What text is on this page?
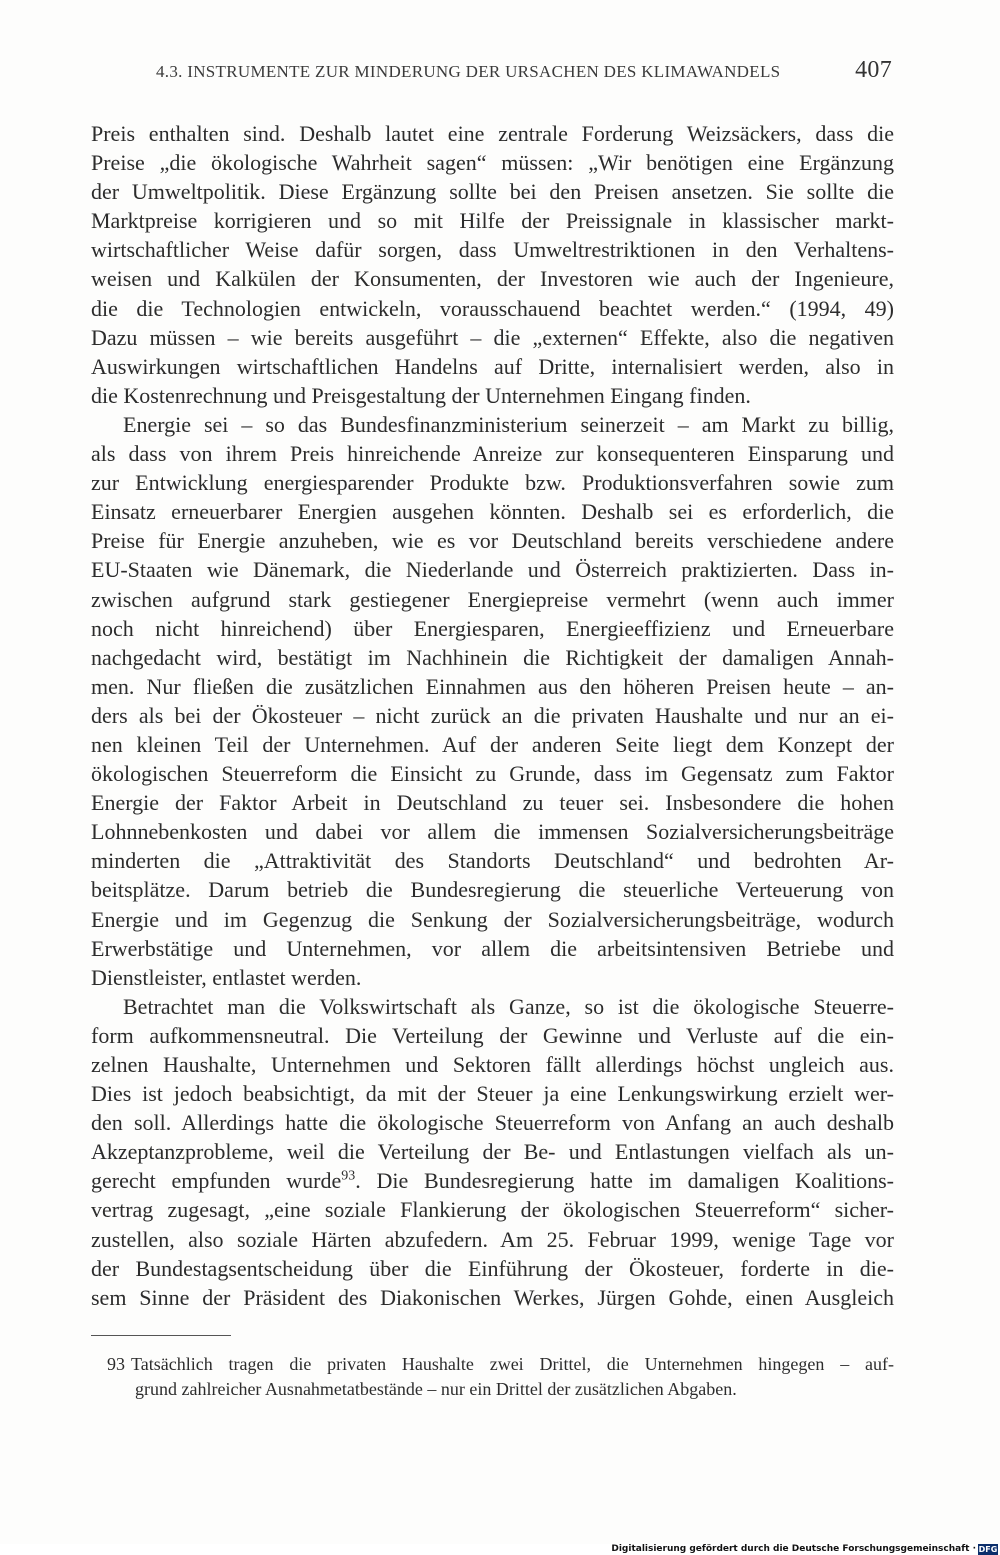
4.3. INSTRUMENTE ZUR MINDERUNG DER URSACHEN DES KLIMAWANDELS	407
Preis enthalten sind. Deshalb lautet eine zentrale Forderung Weizsäckers, dass die
Preise „die ökologische Wahrheit sagen“ müssen: „Wir benötigen eine Ergänzung
der Umweltpolitik. Diese Ergänzung sollte bei den Preisen ansetzen. Sie sollte die
Marktpreise korrigieren und so mit Hilfe der Preissignale in klassischer markt-
wirtschaftlicher Weise dafür sorgen, dass Umweltrestriktionen in den Verhaltens-
weisen und Kalkülen der Konsumenten, der Investoren wie auch der Ingenieure,
die die Technologien entwickeln, vorausschauend beachtet werden.“ (1994, 49)
Dazu müssen – wie bereits ausgeführt – die „externen“ Effekte, also die negativen
Auswirkungen wirtschaftlichen Handelns auf Dritte, internalisiert werden, also in
die Kostenrechnung und Preisgestaltung der Unternehmen Eingang finden.
Energie sei – so das Bundesfinanzministerium seinerzeit – am Markt zu billig,
als dass von ihrem Preis hinreichende Anreize zur konsequenteren Einsparung und
zur Entwicklung energiesparender Produkte bzw. Produktionsverfahren sowie zum
Einsatz erneuerbarer Energien ausgehen könnten. Deshalb sei es erforderlich, die
Preise für Energie anzuheben, wie es vor Deutschland bereits verschiedene andere
EU-Staaten wie Dänemark, die Niederlande und Österreich praktizierten. Dass in-
zwischen aufgrund stark gestiegener Energiepreise vermehrt (wenn auch immer
noch nicht hinreichend) über Energiesparen, Energieeffizienz und Erneuerbare
nachgedacht wird, bestätigt im Nachhinein die Richtigkeit der damaligen Annah-
men. Nur fließen die zusätzlichen Einnahmen aus den höheren Preisen heute – an-
ders als bei der Ökosteuer – nicht zurück an die privaten Haushalte und nur an ei-
nen kleinen Teil der Unternehmen. Auf der anderen Seite liegt dem Konzept der
ökologischen Steuerreform die Einsicht zu Grunde, dass im Gegensatz zum Faktor
Energie der Faktor Arbeit in Deutschland zu teuer sei. Insbesondere die hohen
Lohnnebenkosten und dabei vor allem die immensen Sozialversicherungsbeiträge
minderten die „Attraktivität des Standorts Deutschland“ und bedrohten Ar-
beitsplätze. Darum betrieb die Bundesregierung die steuerliche Verteuerung von
Energie und im Gegenzug die Senkung der Sozialversicherungsbeiträge, wodurch
Erwerbstätige und Unternehmen, vor allem die arbeitsintensiven Betriebe und
Dienstleister, entlastet werden.
Betrachtet man die Volkswirtschaft als Ganze, so ist die ökologische Steuerre-
form aufkommensneutral. Die Verteilung der Gewinne und Verluste auf die ein-
zelnen Haushalte, Unternehmen und Sektoren fällt allerdings höchst ungleich aus.
Dies ist jedoch beabsichtigt, da mit der Steuer ja eine Lenkungswirkung erzielt wer-
den soll. Allerdings hatte die ökologische Steuerreform von Anfang an auch deshalb
Akzeptanzprobleme, weil die Verteilung der Be- und Entlastungen vielfach als un-
gerecht empfunden wurde$^{93}$. Die Bundesregierung hatte im damaligen Koalitions-
vertrag zugesagt, „eine soziale Flankierung der ökologischen Steuerreform“ sicher-
zustellen, also soziale Härten abzufedern. Am 25. Februar 1999, wenige Tage vor
der Bundestagsentscheidung über die Einführung der Ökosteuer, forderte in die-
sem Sinne der Präsident des Diakonischen Werkes, Jürgen Gohde, einen Ausgleich
93 Tatsächlich tragen die privaten Haushalte zwei Drittel, die Unternehmen hingegen – auf-
grund zahlreicher Ausnahmetatbestände – nur ein Drittel der zusätzlichen Abgaben.
Digitalisierung gefördert durch die Deutsche Forschungsgemeinschaft · DFG
